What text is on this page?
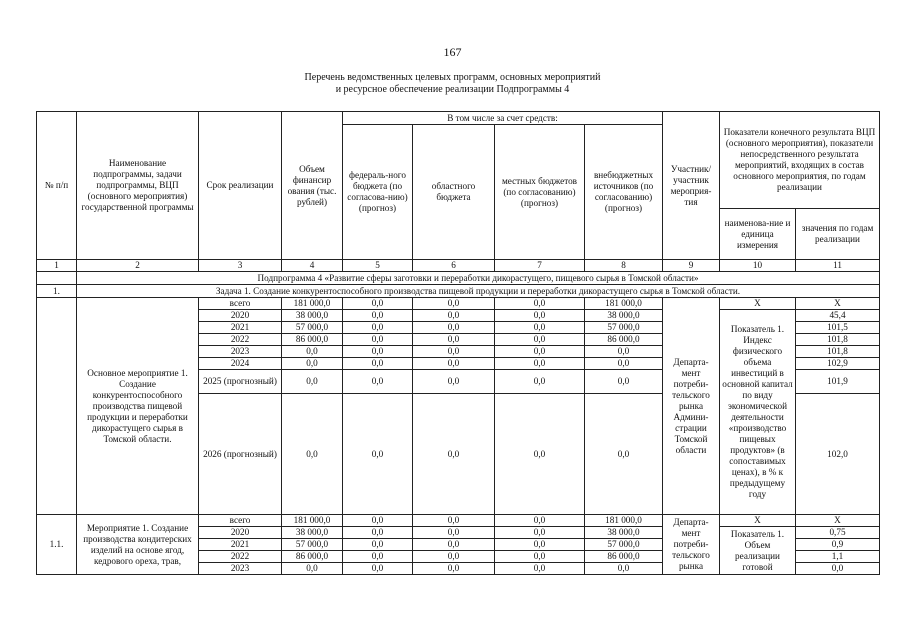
167
Перечень ведомственных целевых программ, основных мероприятий
и ресурсное обеспечение реализации Подпрограммы 4
№ п/п	Наименование подпрограммы, задачи подпрограммы, ВЦП (основного мероприятия) государственной программы	Срок реализации	Объем финансир ования (тыс. рублей)	В том числе за счет средств:				Участник/ участник мероприя-тия	Показатели конечного результата ВЦП (основного мероприятия), показатели непосредственного результата мероприятий, входящих в состав основного мероприятия, по годам реализации	
				федераль-ного бюджета (по согласова-нию) (прогноз)	областного бюджета	местных бюджетов (по согласованию) (прогноз)	внебюджетных источников (по согласованию) (прогноз)			
									наименова-ние и единица измерения	значения по годам реализации
1	2	3	4	5	6	7	8	9	10	11
	Подпрограмма 4 «Развитие сферы заготовки и переработки дикорастущего, пищевого сырья в Томской области»									
1.	Задача 1. Создание конкурентоспособного производства пищевой продукции и переработки дикорастущего сырья в Томской области.									
	Основное мероприятие 1. Создание конкурентоспособного производства пищевой продукции и переработки дикорастущего сырья в Томской области.	всего	181 000,0	0,0	0,0	0,0	181 000,0	Департа-мент потреби-тельского рынка Админи-страции Томской области	Х	Х
		2020	38 000,0	0,0	0,0	0,0	38 000,0		Показатель 1. Индекс физического объема инвестиций в основной капитал по виду экономической деятельности «производство пищевых продуктов» (в сопоставимых ценах), в % к предыдущему году	45,4
		2021	57 000,0	0,0	0,0	0,0	57 000,0			101,5
		2022	86 000,0	0,0	0,0	0,0	86 000,0			101,8
		2023	0,0	0,0	0,0	0,0	0,0			101,8
		2024	0,0	0,0	0,0	0,0	0,0			102,9
		2025 (прогнозный)	0,0	0,0	0,0	0,0	0,0			101,9
		2026 (прогнозный)	0,0	0,0	0,0	0,0	0,0			102,0
1.1.	Мероприятие 1. Создание производства кондитерских изделий на основе ягод, кедрового ореха, трав,	всего	181 000,0	0,0	0,0	0,0	181 000,0	Департа-мент потреби-тельского рынка	Х	Х
		2020	38 000,0	0,0	0,0	0,0	38 000,0		Показатель 1. Объем реализации готовой	0,75
		2021	57 000,0	0,0	0,0	0,0	57 000,0			0,9
		2022	86 000,0	0,0	0,0	0,0	86 000,0			1,1
		2023	0,0	0,0	0,0	0,0	0,0			0,0
